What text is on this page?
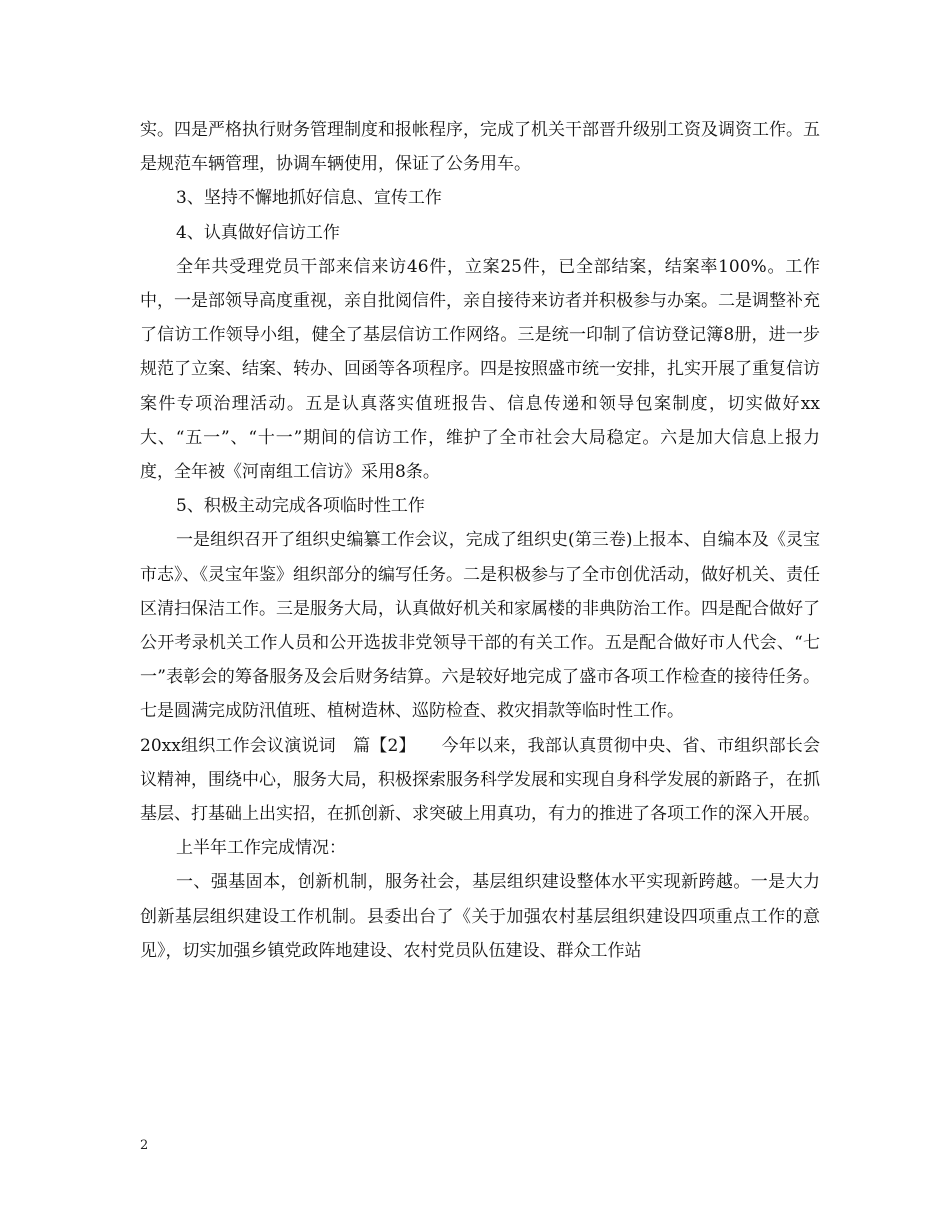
实。四是严格执行财务管理制度和报帐程序，完成了机关干部晋升级别工资及调资工作。五是规范车辆管理，协调车辆使用，保证了公务用车。

3、坚持不懈地抓好信息、宣传工作

4、认真做好信访工作

全年共受理党员干部来信来访46件，立案25件，已全部结案，结案率100%。工作中，一是部领导高度重视，亲自批阅信件，亲自接待来访者并积极参与办案。二是调整补充了信访工作领导小组，健全了基层信访工作网络。三是统一印制了信访登记簿8册，进一步规范了立案、结案、转办、回函等各项程序。四是按照盛市统一安排，扎实开展了重复信访案件专项治理活动。五是认真落实值班报告、信息传递和领导包案制度，切实做好xx大、“五一”、“十一”期间的信访工作，维护了全市社会大局稳定。六是加大信息上报力度，全年被《河南组工信访》采用8条。

5、积极主动完成各项临时性工作

一是组织召开了组织史编纂工作会议，完成了组织史(第三卷)上报本、自编本及《灵宝市志》、《灵宝年鉴》组织部分的编写任务。二是积极参与了全市创优活动，做好机关、责任区清扫保洁工作。三是服务大局，认真做好机关和家属楼的非典防治工作。四是配合做好了公开考录机关工作人员和公开选拔非党领导干部的有关工作。五是配合做好市人代会、“七一”表彰会的筹备服务及会后财务结算。六是较好地完成了盛市各项工作检查的接待任务。七是圆满完成防汛值班、植树造林、巡防检查、救灾捐款等临时性工作。

20xx组织工作会议演说词　篇【2】　　今年以来，我部认真贯彻中央、省、市组织部长会议精神，围绕中心，服务大局，积极探索服务科学发展和实现自身科学发展的新路子，在抓基层、打基础上出实招，在抓创新、求突破上用真功，有力的推进了各项工作的深入开展。

上半年工作完成情况：

一、强基固本，创新机制，服务社会，基层组织建设整体水平实现新跨越。一是大力创新基层组织建设工作机制。县委出台了《关于加强农村基层组织建设四项重点工作的意见》，切实加强乡镇党政阵地建设、农村党员队伍建设、群众工作站

2
